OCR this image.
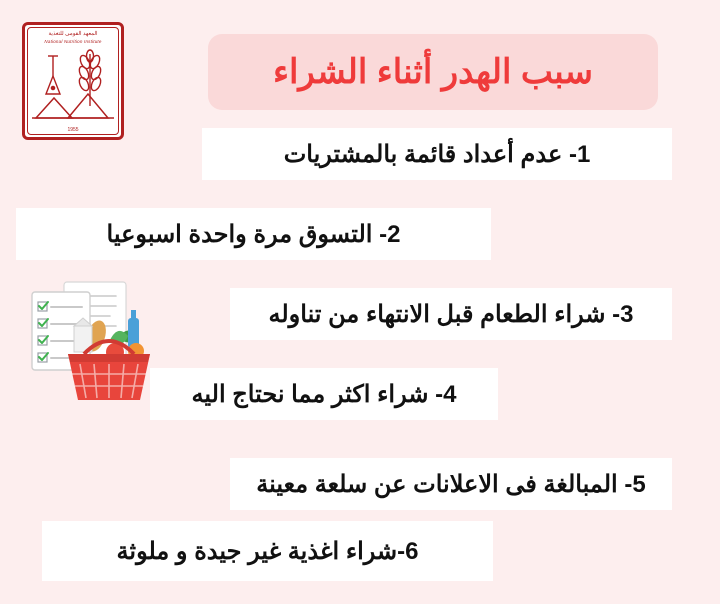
المعهد القومى للتغذية
National Nutrition Institute
1955
سبب الهدر أثناء الشراء
1- عدم أعداد قائمة بالمشتريات
2- التسوق مرة واحدة اسبوعيا
3- شراء الطعام قبل الانتهاء من تناوله
4- شراء اكثر مما نحتاج اليه
5- المبالغة فى الاعلانات عن سلعة معينة
6-شراء اغذية غير جيدة و ملوثة
